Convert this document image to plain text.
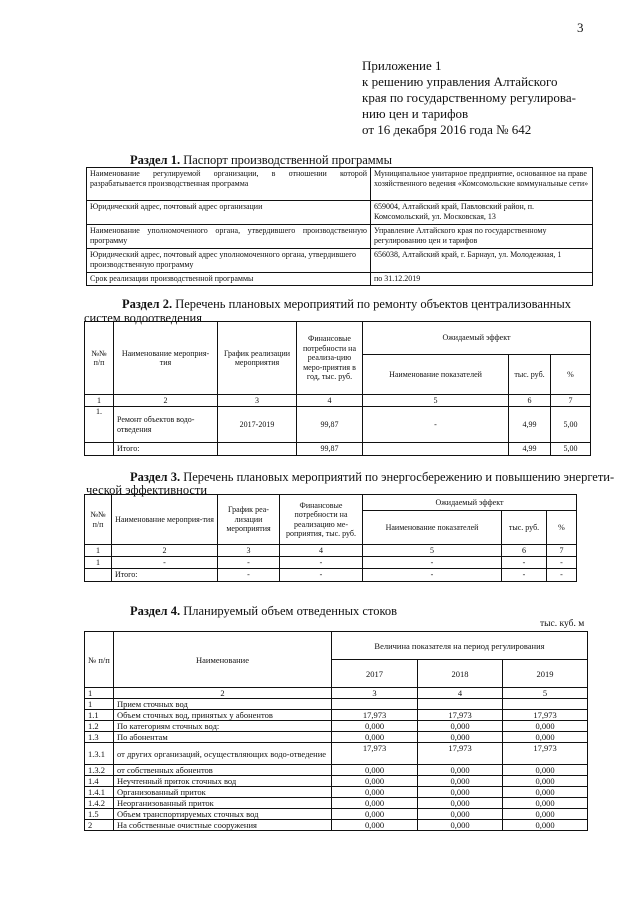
3
Приложение 1
к решению управления Алтайского
края по государственному регулирова-
нию цен и тарифов
от 16 декабря 2016 года № 642
Раздел 1. Паспорт производственной программы
Наименование регулируемой организации, в отношении которой разрабатывается производственная программа	Муниципальное унитарное предприятие, основанное на праве хозяйственного ведения «Комсомольские коммунальные сети»
Юридический адрес, почтовый адрес организации	659004, Алтайский край, Павловский район, п. Комсомольский, ул. Московская, 13
Наименование уполномоченного органа, утвердившего производственную программу	Управление Алтайского края по государственному регулированию цен и тарифов
Юридический адрес, почтовый адрес уполномоченного органа, утвердившего производственную программу	656038, Алтайский край, г. Барнаул, ул. Молодежная, 1
Срок реализации производственной программы	по 31.12.2019
Раздел 2. Перечень плановых мероприятий по ремонту объектов централизованных
систем водоотведения
№№ п/п	Наименование мероприя-тия	График реализации мероприятия	Финансовые потребности на реализа-цию меро-приятия в год, тыс. руб.	Ожидаемый эффект		
				Наименование показателей	тыс. руб.	%
1	2	3	4	5	6	7
1.	Ремонт объектов водо-отведения	2017-2019	99,87	-	4,99	5,00
	Итого:		99,87		4,99	5,00
Раздел 3. Перечень плановых мероприятий по энергосбережению и повышению энергети-
ческой эффективности
№№ п/п	Наименование мероприя-тия	График реа-лизации мероприятия	Финансовые потребности на реализацию ме-роприятия, тыс. руб.	Ожидаемый эффект		
				Наименование показателей	тыс. руб.	%
1	2	3	4	5	6	7
1	-	-	-	-	-	-
	Итого:	-	-	-	-	-
Раздел 4. Планируемый объем отведенных стоков
тыс. куб. м
№ п/п	Наименование	Величина показателя на период регулирования		
		2017	2018	2019
1	2	3	4	5
1	Прием сточных вод			
1.1	Объем сточных вод, принятых у абонентов	17,973	17,973	17,973
1.2	По категориям сточных вод:	0,000	0,000	0,000
1.3	По абонентам	0,000	0,000	0,000
1.3.1	от других организаций, осуществляющих водо-отведение	17,973	17,973	17,973
1.3.2	от собственных абонентов	0,000	0,000	0,000
1.4	Неучтенный приток сточных вод	0,000	0,000	0,000
1.4.1	Организованный приток	0,000	0,000	0,000
1.4.2	Неорганизованный приток	0,000	0,000	0,000
1.5	Объем транспортируемых сточных вод	0,000	0,000	0,000
2	На собственные очистные сооружения	0,000	0,000	0,000
